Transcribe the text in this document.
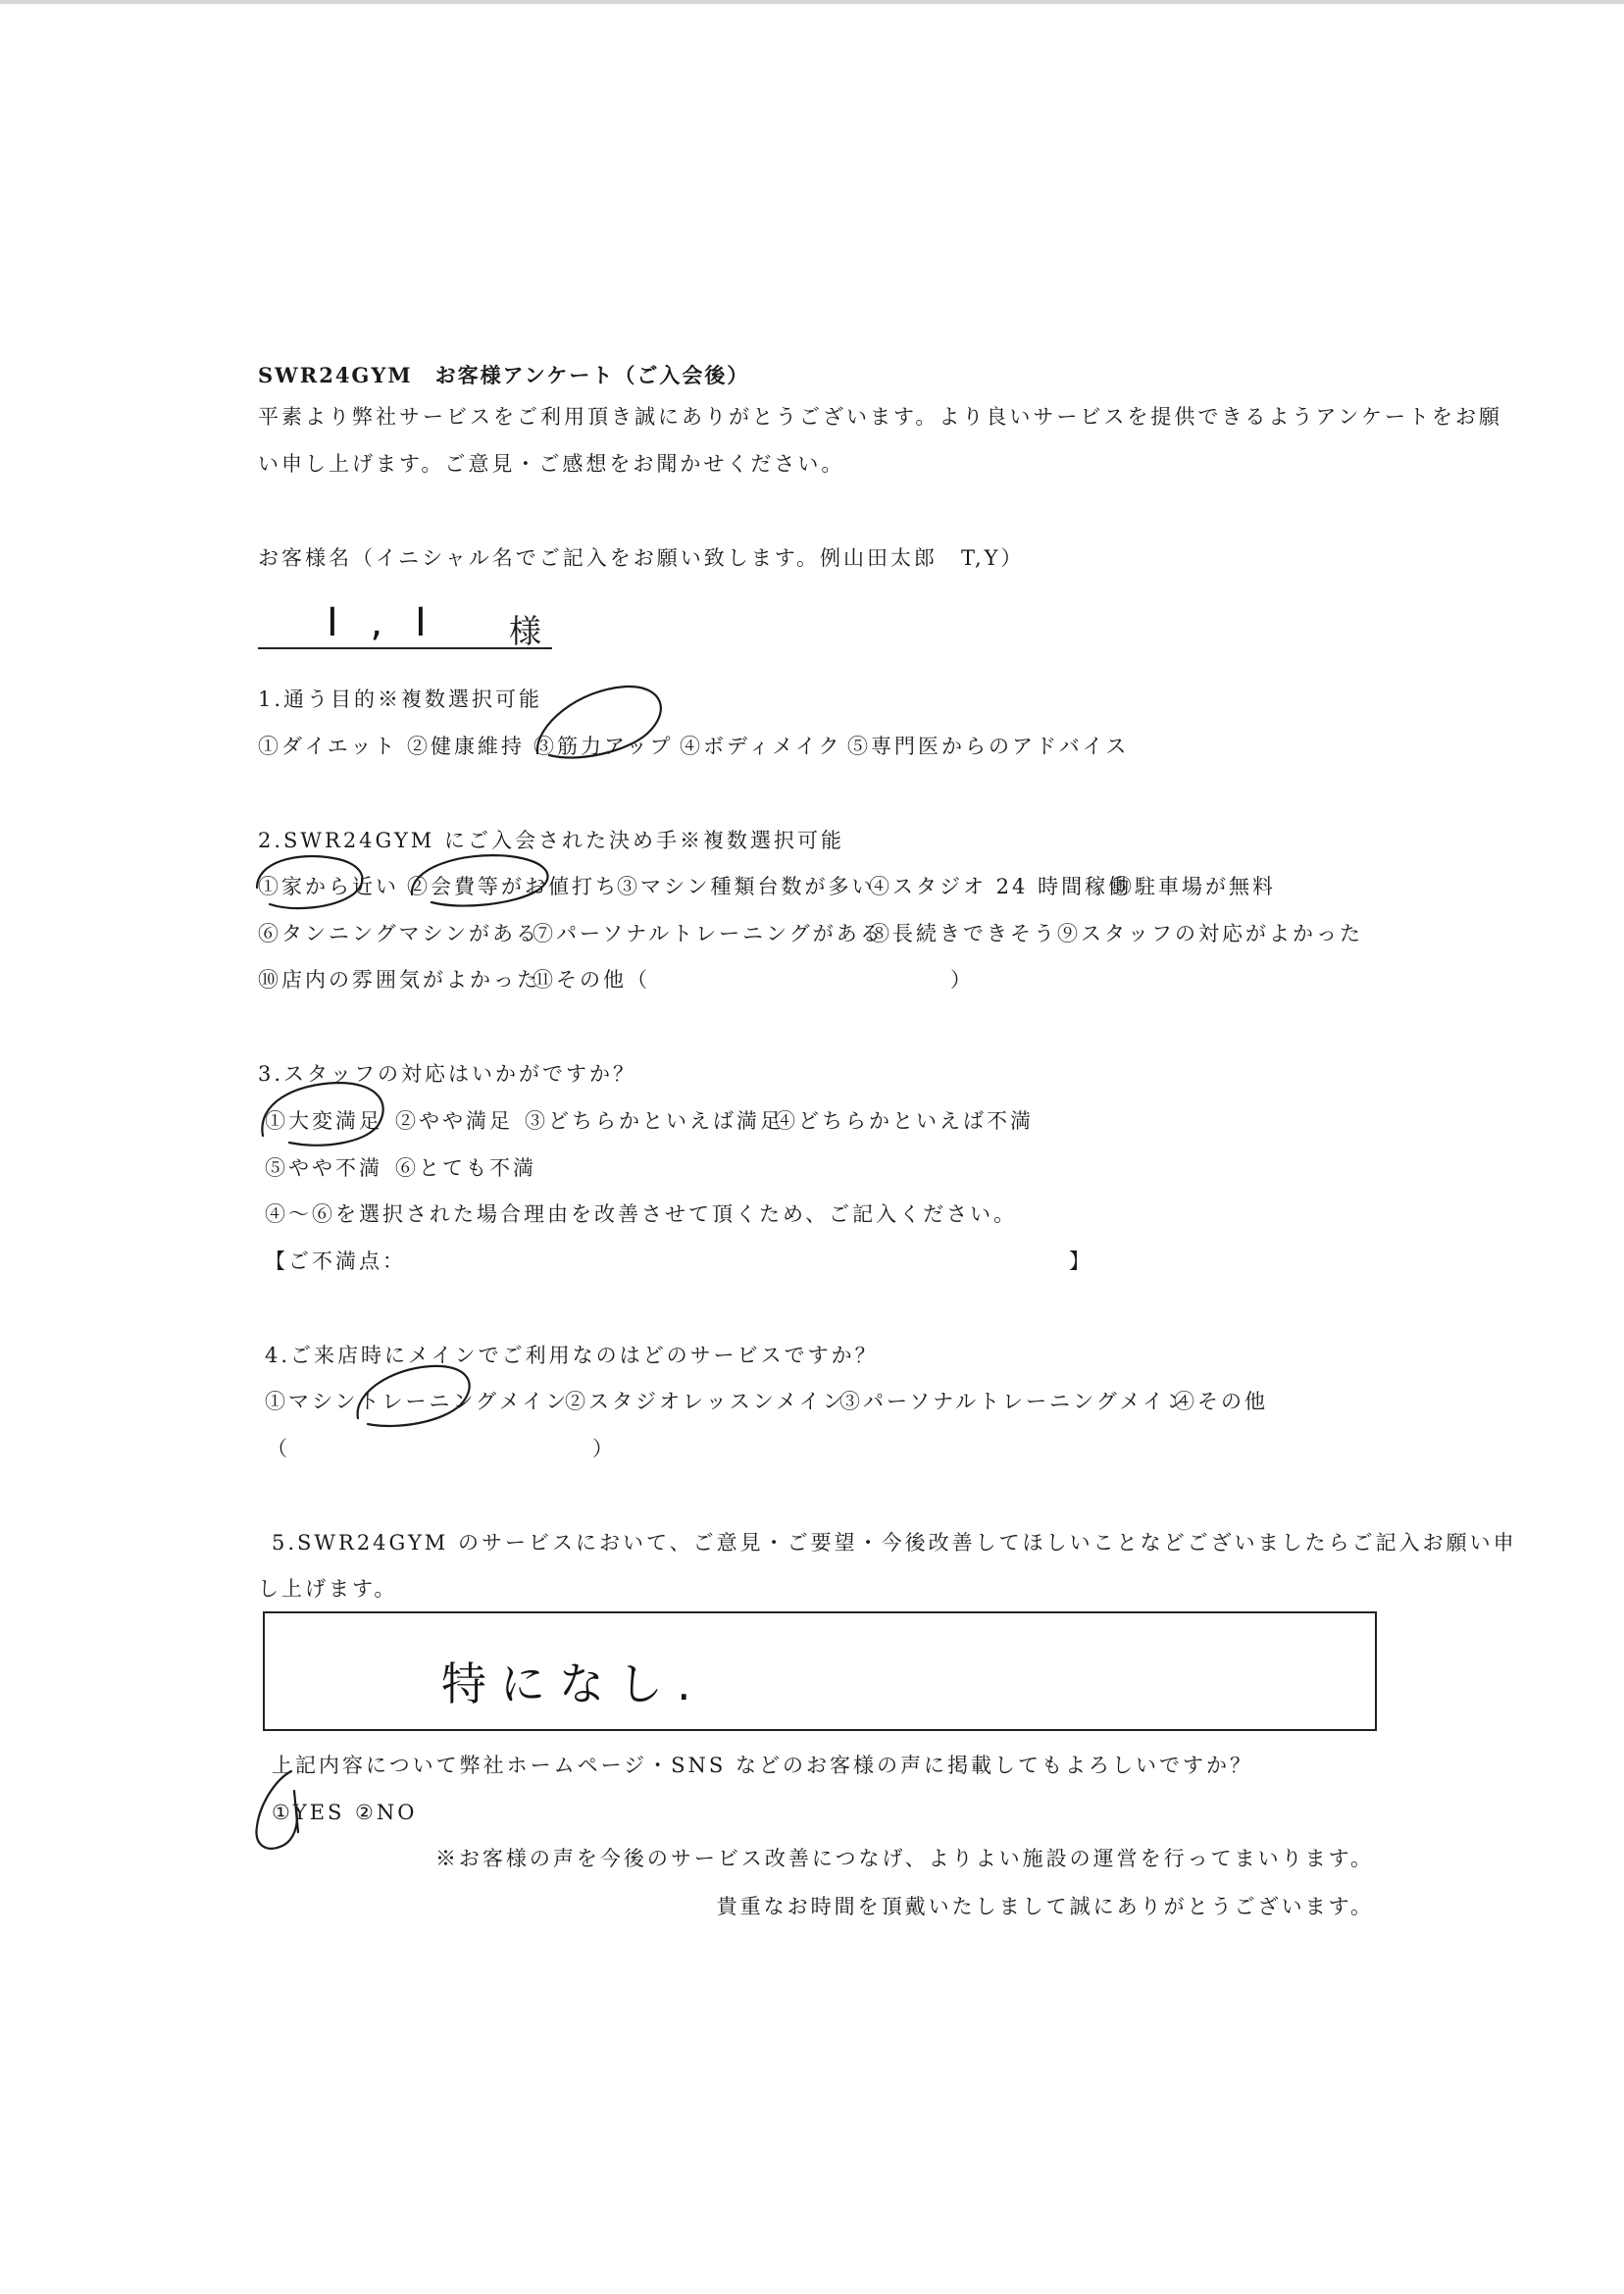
SWR24GYM　お客様アンケート（ご入会後）
平素より弊社サービスをご利用頂き誠にありがとうございます。より良いサービスを提供できるようアンケートをお願
い申し上げます。ご意見・ご感想をお聞かせください。
お客様名（イニシャル名でご記入をお願い致します。例山田太郎　T,Y）
I , I 様
1.通う目的※複数選択可能
①ダイエット ②健康維持 ③筋力アップ ④ボディメイク ⑤専門医からのアドバイス
2.SWR24GYM にご入会された決め手※複数選択可能
①家から近い ②会費等がお値打ち
③マシン種類台数が多い
④スタジオ 24 時間稼働
⑤駐車場が無料
⑥タンニングマシンがある
⑦パーソナルトレーニングがある
⑧長続きできそう ⑨スタッフの対応がよかった
⑩店内の雰囲気がよかった
⑪その他（	）
3.スタッフの対応はいかがですか？
①大変満足 ②やや満足 ③どちらかといえば満足
④どちらかといえば不満
⑤やや不満 ⑥とても不満
④～⑥を選択された場合理由を改善させて頂くため、ご記入ください。
【ご不満点：	】
4.ご来店時にメインでご利用なのはどのサービスですか？
①マシントレーニングメイン
②スタジオレッスンメイン
③パーソナルトレーニングメイン
④その他
（	）
5.SWR24GYM のサービスにおいて、ご意見・ご要望・今後改善してほしいことなどございましたらご記入お願い申
し上げます。
特になし.
上記内容について弊社ホームページ・SNS などのお客様の声に掲載してもよろしいですか？
①YES ②NO
※お客様の声を今後のサービス改善につなげ、よりよい施設の運営を行ってまいります。
貴重なお時間を頂戴いたしまして誠にありがとうございます。
